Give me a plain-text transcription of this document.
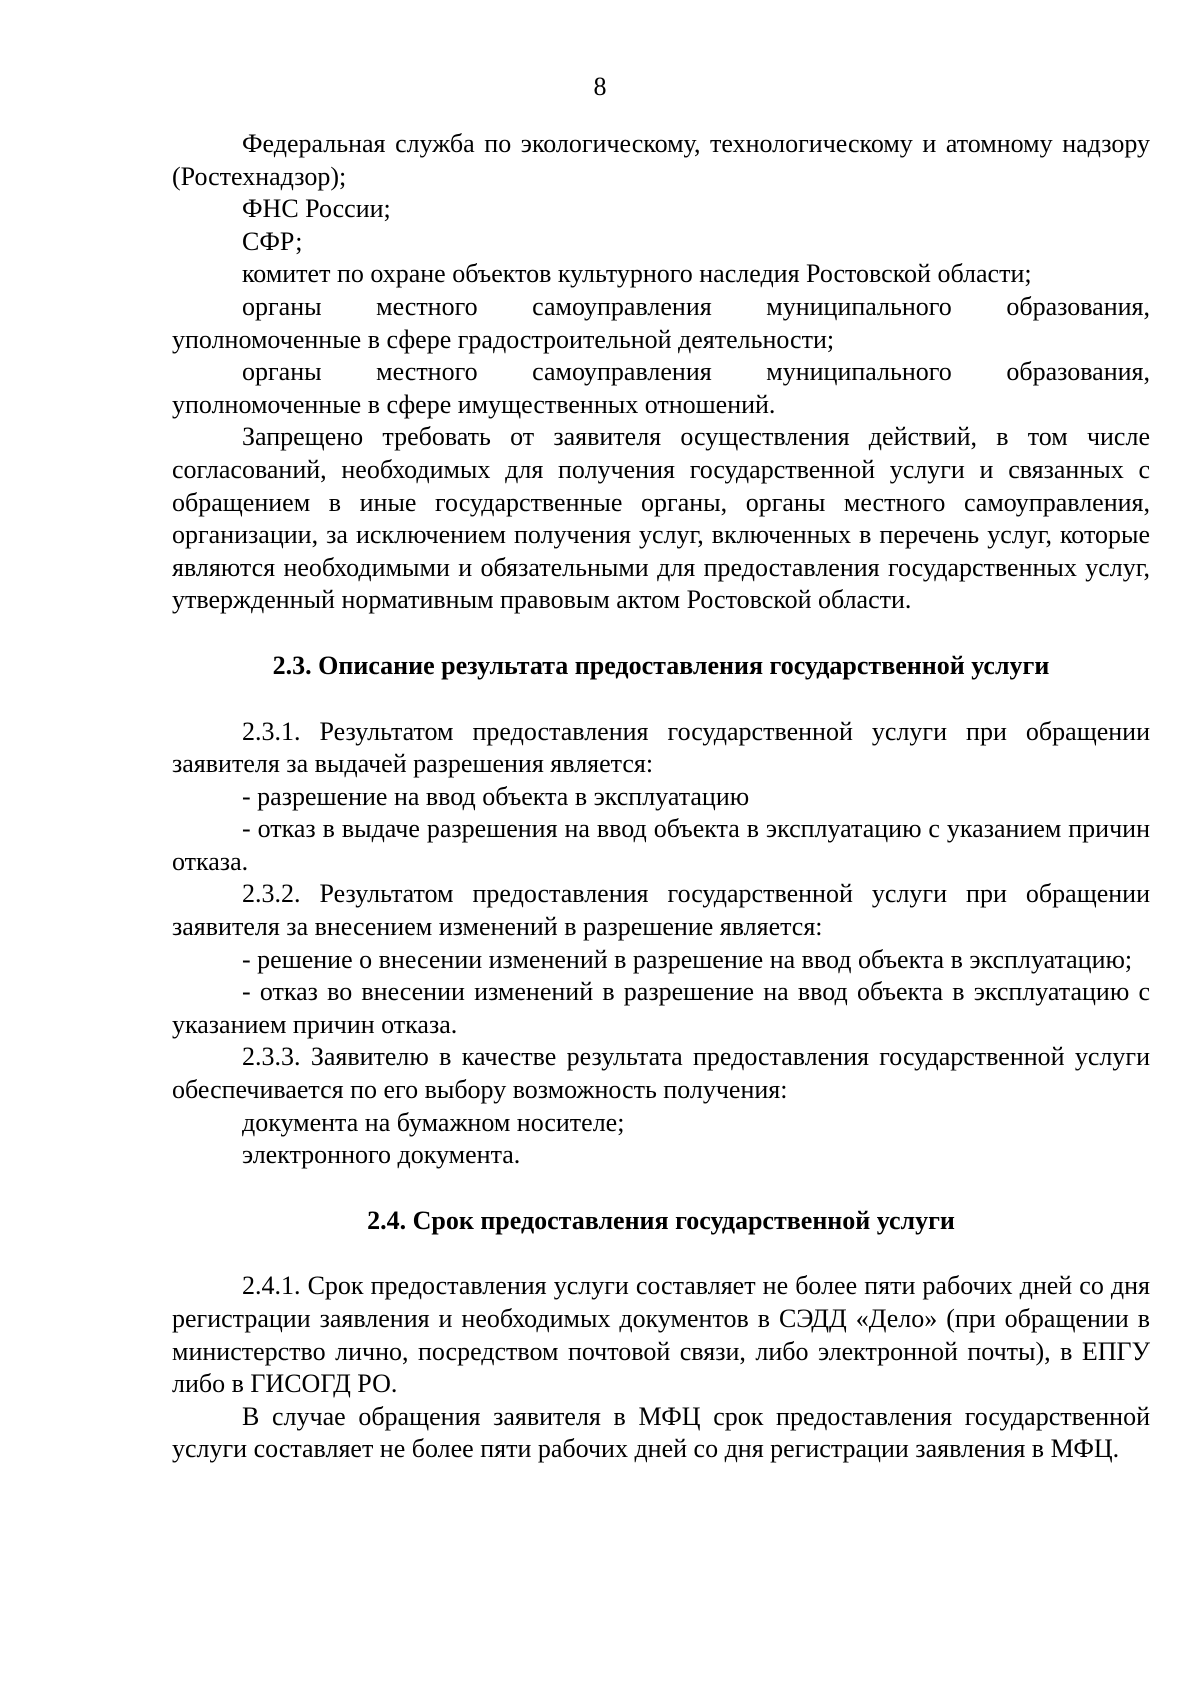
8

Федеральная служба по экологическому, технологическому и атомному надзору (Ростехнадзор);

ФНС России;

СФР;

комитет по охране объектов культурного наследия Ростовской области;

органы местного самоуправления муниципального образования, уполномоченные в сфере градостроительной деятельности;

органы местного самоуправления муниципального образования, уполномоченные в сфере имущественных отношений.

Запрещено требовать от заявителя осуществления действий, в том числе согласований, необходимых для получения государственной услуги и связанных с обращением в иные государственные органы, органы местного самоуправления, организации, за исключением получения услуг, включенных в перечень услуг, которые являются необходимыми и обязательными для предоставления государственных услуг, утвержденный нормативным правовым актом Ростовской области.

2.3. Описание результата предоставления государственной услуги

2.3.1. Результатом предоставления государственной услуги при обращении заявителя за выдачей разрешения является:

- разрешение на ввод объекта в эксплуатацию

- отказ в выдаче разрешения на ввод объекта в эксплуатацию с указанием причин отказа.

2.3.2. Результатом предоставления государственной услуги при обращении заявителя за внесением изменений в разрешение является:

- решение о внесении изменений в разрешение на ввод объекта в эксплуатацию;

- отказ во внесении изменений в разрешение на ввод объекта в эксплуатацию с указанием причин отказа.

2.3.3. Заявителю в качестве результата предоставления государственной услуги обеспечивается по его выбору возможность получения:

документа на бумажном носителе;

электронного документа.

2.4. Срок предоставления государственной услуги

2.4.1. Срок предоставления услуги составляет не более пяти рабочих дней со дня регистрации заявления и необходимых документов в СЭДД «Дело» (при обращении в министерство лично, посредством почтовой связи, либо электронной почты), в ЕПГУ либо в ГИСОГД РО.

В случае обращения заявителя в МФЦ срок предоставления государственной услуги составляет не более пяти рабочих дней со дня регистрации заявления в МФЦ.
